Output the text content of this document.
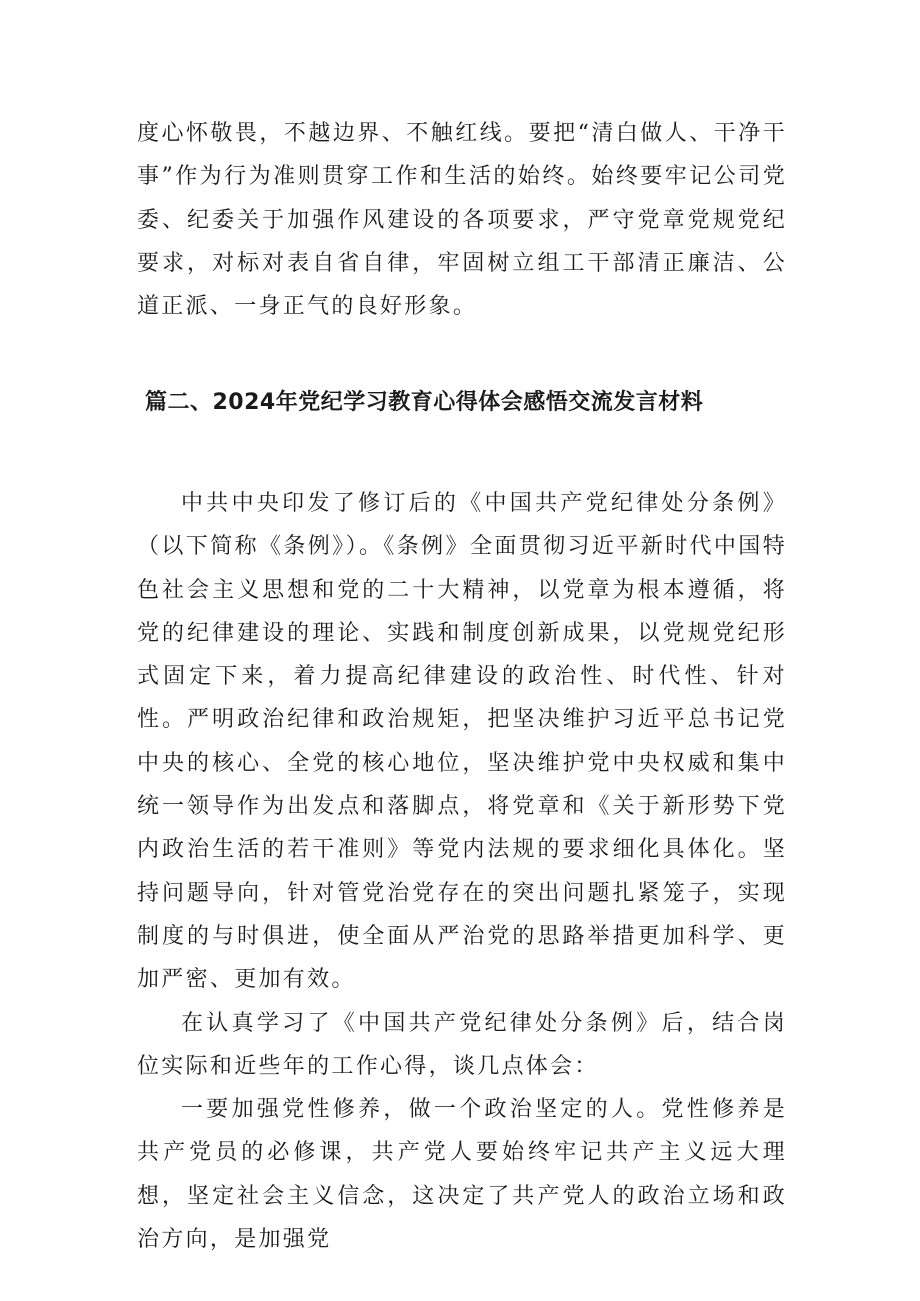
度心怀敬畏，不越边界、不触红线。要把“清白做人、干净干事”作为行为准则贯穿工作和生活的始终。始终要牢记公司党委、纪委关于加强作风建设的各项要求，严守党章党规党纪要求，对标对表自省自律，牢固树立组工干部清正廉洁、公道正派、一身正气的良好形象。

篇二、2024年党纪学习教育心得体会感悟交流发言材料

中共中央印发了修订后的《中国共产党纪律处分条例》（以下简称《条例》）。《条例》全面贯彻习近平新时代中国特色社会主义思想和党的二十大精神，以党章为根本遵循，将党的纪律建设的理论、实践和制度创新成果，以党规党纪形式固定下来，着力提高纪律建设的政治性、时代性、针对性。严明政治纪律和政治规矩，把坚决维护习近平总书记党中央的核心、全党的核心地位，坚决维护党中央权威和集中统一领导作为出发点和落脚点，将党章和《关于新形势下党内政治生活的若干准则》等党内法规的要求细化具体化。坚持问题导向，针对管党治党存在的突出问题扎紧笼子，实现制度的与时俱进，使全面从严治党的思路举措更加科学、更加严密、更加有效。

在认真学习了《中国共产党纪律处分条例》后，结合岗位实际和近些年的工作心得，谈几点体会：

一要加强党性修养，做一个政治坚定的人。党性修养是共产党员的必修课，共产党人要始终牢记共产主义远大理想，坚定社会主义信念，这决定了共产党人的政治立场和政治方向，是加强党
